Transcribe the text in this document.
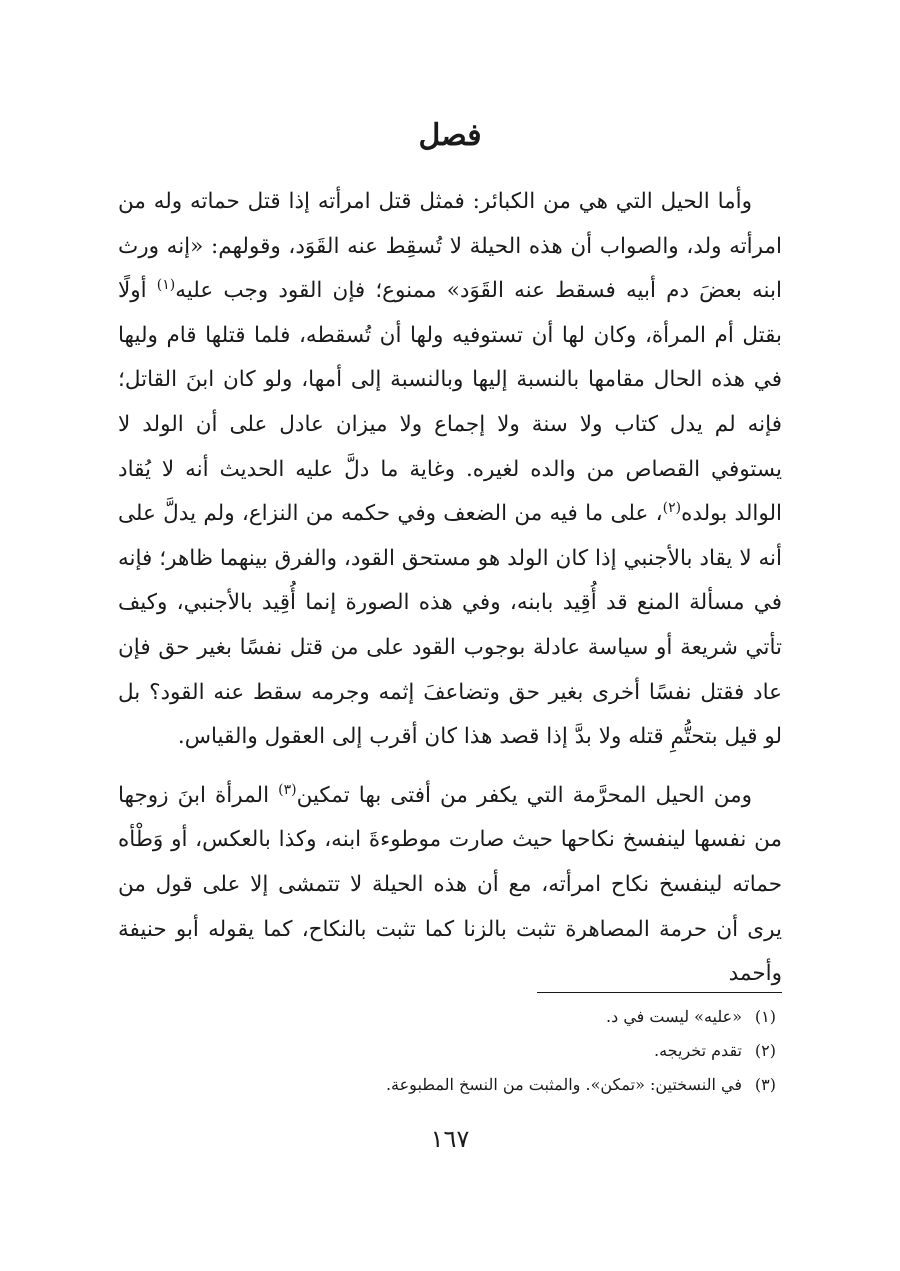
فصل

وأما الحيل التي هي من الكبائر: فمثل قتل امرأته إذا قتل حماته وله من امرأته ولد، والصواب أن هذه الحيلة لا تُسقِط عنه القَوَد، وقولهم: «إنه ورث ابنه بعضَ دم أبيه فسقط عنه القَوَد» ممنوع؛ فإن القود وجب عليه$^{(١)}$ أولًا بقتل أم المرأة، وكان لها أن تستوفيه ولها أن تُسقطه، فلما قتلها قام وليها في هذه الحال مقامها بالنسبة إليها وبالنسبة إلى أمها، ولو كان ابنَ القاتل؛ فإنه لم يدل كتاب ولا سنة ولا إجماع ولا ميزان عادل على أن الولد لا يستوفي القصاص من والده لغيره. وغاية ما دلَّ عليه الحديث أنه لا يُقاد الوالد بولده$^{(٢)}$، على ما فيه من الضعف وفي حكمه من النزاع، ولم يدلَّ على أنه لا يقاد بالأجنبي إذا كان الولد هو مستحق القود، والفرق بينهما ظاهر؛ فإنه في مسألة المنع قد أُقِيد بابنه، وفي هذه الصورة إنما أُقِيد بالأجنبي، وكيف تأتي شريعة أو سياسة عادلة بوجوب القود على من قتل نفسًا بغير حق فإن عاد فقتل نفسًا أخرى بغير حق وتضاعفَ إثمه وجرمه سقط عنه القود؟ بل لو قيل بتحتُّمِ قتله ولا بدَّ إذا قصد هذا كان أقرب إلى العقول والقياس.

ومن الحيل المحرَّمة التي يكفر من أفتى بها تمكين$^{(٣)}$ المرأة ابنَ زوجها من نفسها لينفسخ نكاحها حيث صارت موطوءةَ ابنه، وكذا بالعكس، أو وَطْأه حماته لينفسخ نكاح امرأته، مع أن هذه الحيلة لا تتمشى إلا على قول من يرى أن حرمة المصاهرة تثبت بالزنا كما تثبت بالنكاح، كما يقوله أبو حنيفة وأحمد

(١)
«عليه» ليست في د.
(٢)
تقدم تخريجه.
(٣)
في النسختين: «تمكن». والمثبت من النسخ المطبوعة.
١٦٧
